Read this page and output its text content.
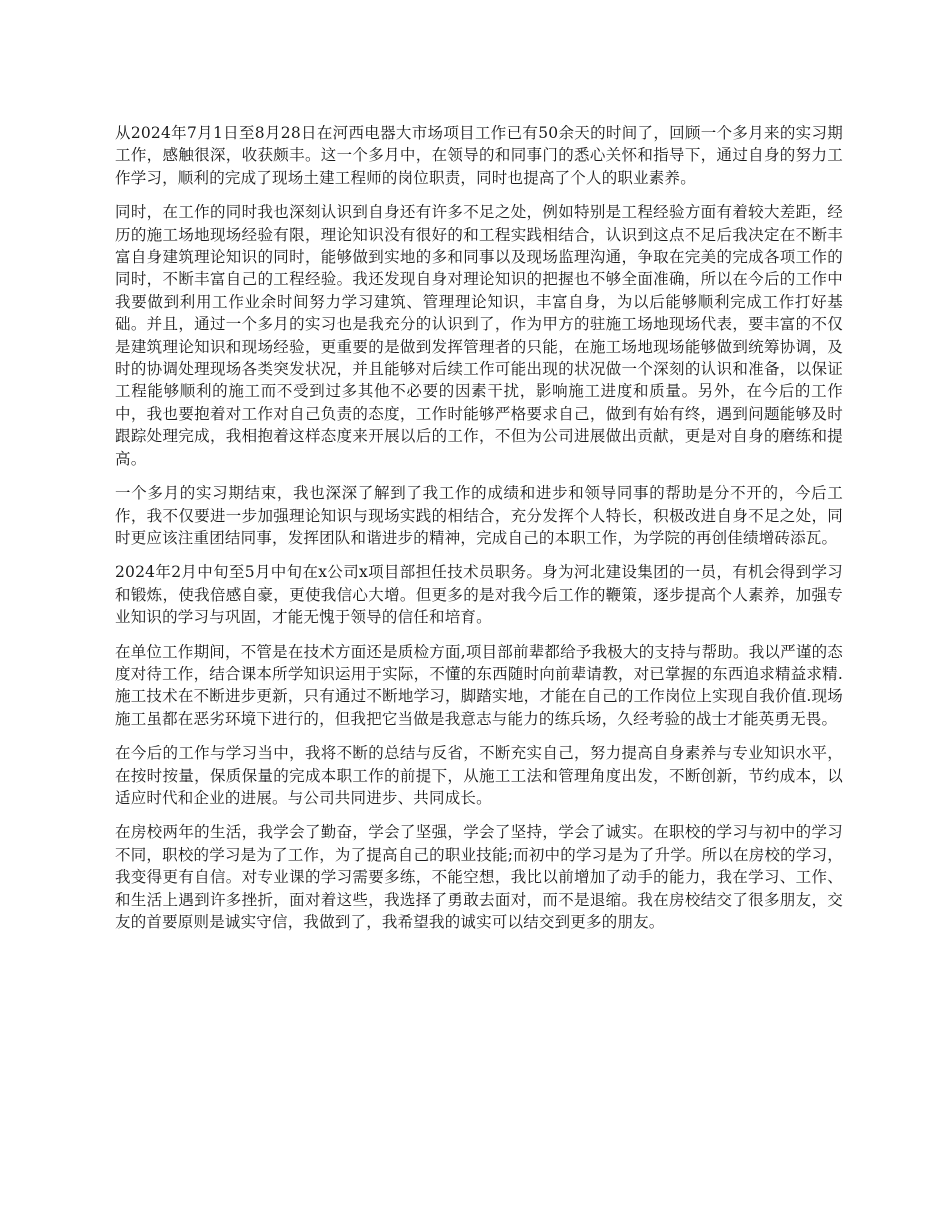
从2024年7月1日至8月28日在河西电器大市场项目工作已有50余天的时间了，回顾一个多月来的实习期工作，感触很深，收获颇丰。这一个多月中，在领导的和同事门的悉心关怀和指导下，通过自身的努力工作学习，顺利的完成了现场土建工程师的岗位职责，同时也提高了个人的职业素养。

同时，在工作的同时我也深刻认识到自身还有许多不足之处，例如特别是工程经验方面有着较大差距，经历的施工场地现场经验有限，理论知识没有很好的和工程实践相结合，认识到这点不足后我决定在不断丰富自身建筑理论知识的同时，能够做到实地的多和同事以及现场监理沟通，争取在完美的完成各项工作的同时，不断丰富自己的工程经验。我还发现自身对理论知识的把握也不够全面准确，所以在今后的工作中我要做到利用工作业余时间努力学习建筑、管理理论知识，丰富自身，为以后能够顺利完成工作打好基础。并且，通过一个多月的实习也是我充分的认识到了，作为甲方的驻施工场地现场代表，要丰富的不仅是建筑理论知识和现场经验，更重要的是做到发挥管理者的只能，在施工场地现场能够做到统筹协调，及时的协调处理现场各类突发状况，并且能够对后续工作可能出现的状况做一个深刻的认识和准备，以保证工程能够顺利的施工而不受到过多其他不必要的因素干扰，影响施工进度和质量。另外，在今后的工作中，我也要抱着对工作对自己负责的态度，工作时能够严格要求自己，做到有始有终，遇到问题能够及时跟踪处理完成，我相抱着这样态度来开展以后的工作，不但为公司进展做出贡献，更是对自身的磨练和提高。

一个多月的实习期结束，我也深深了解到了我工作的成绩和进步和领导同事的帮助是分不开的，今后工作，我不仅要进一步加强理论知识与现场实践的相结合，充分发挥个人特长，积极改进自身不足之处，同时更应该注重团结同事，发挥团队和谐进步的精神，完成自己的本职工作，为学院的再创佳绩增砖添瓦。

2024年2月中旬至5月中旬在x公司x项目部担任技术员职务。身为河北建设集团的一员，有机会得到学习和锻炼，使我倍感自豪，更使我信心大增。但更多的是对我今后工作的鞭策，逐步提高个人素养，加强专业知识的学习与巩固，才能无愧于领导的信任和培育。

在单位工作期间，不管是在技术方面还是质检方面,项目部前辈都给予我极大的支持与帮助。我以严谨的态度对待工作，结合课本所学知识运用于实际，不懂的东西随时向前辈请教，对已掌握的东西追求精益求精.施工技术在不断进步更新，只有通过不断地学习，脚踏实地，才能在自己的工作岗位上实现自我价值.现场施工虽都在恶劣环境下进行的，但我把它当做是我意志与能力的练兵场，久经考验的战士才能英勇无畏。

在今后的工作与学习当中，我将不断的总结与反省，不断充实自己，努力提高自身素养与专业知识水平，在按时按量，保质保量的完成本职工作的前提下，从施工工法和管理角度出发，不断创新，节约成本，以适应时代和企业的进展。与公司共同进步、共同成长。

在房校两年的生活，我学会了勤奋，学会了坚强，学会了坚持，学会了诚实。在职校的学习与初中的学习不同，职校的学习是为了工作，为了提高自己的职业技能;而初中的学习是为了升学。所以在房校的学习，我变得更有自信。对专业课的学习需要多练，不能空想，我比以前增加了动手的能力，我在学习、工作、和生活上遇到许多挫折，面对着这些，我选择了勇敢去面对，而不是退缩。我在房校结交了很多朋友，交友的首要原则是诚实守信，我做到了，我希望我的诚实可以结交到更多的朋友。
